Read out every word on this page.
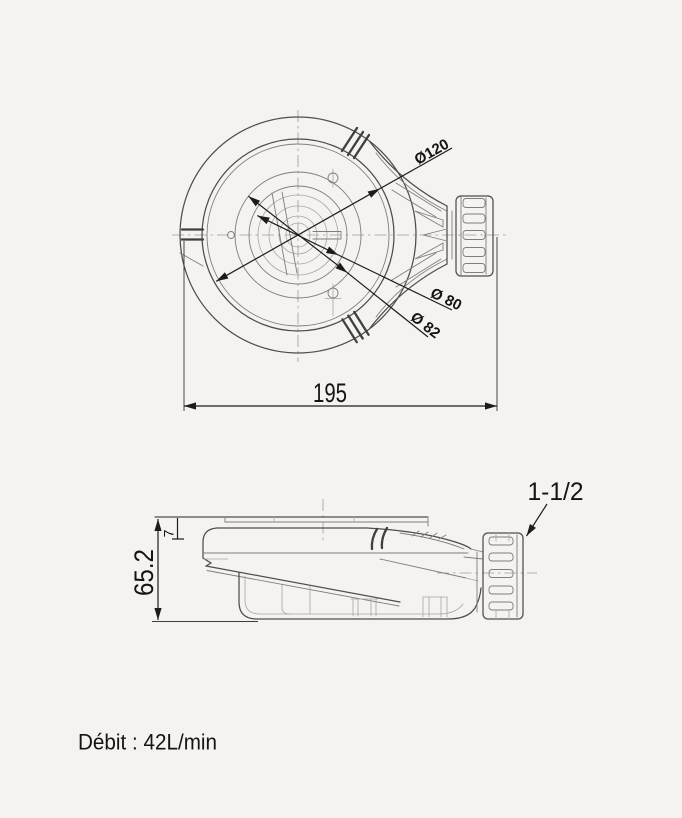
195
Ø120
Ø 80
Ø 82
65.2
7
1-1/2
Débit : 42L/min
